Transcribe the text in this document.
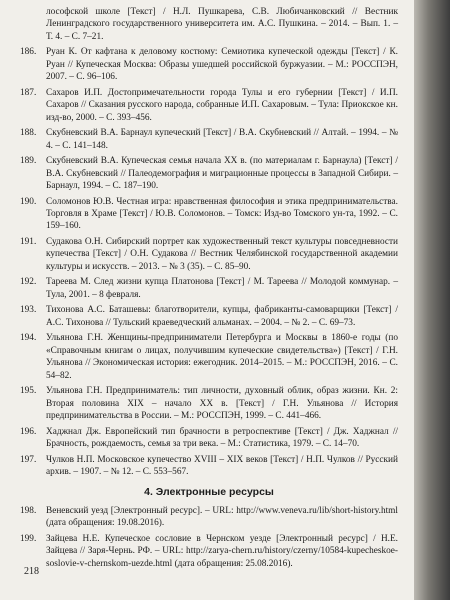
лософской школе [Текст] / Н.Л. Пушкарева, С.В. Любичанковский // Вестник Ленинградского государственного университета им. А.С. Пушкина. – 2014. – Вып. 1. – Т. 4. – С. 7–21.
186.	Руан К. От кафтана к деловому костюму: Семиотика купеческой одежды [Текст] / К. Руан // Купеческая Москва: Образы ушедшей российской буржуазии. – М.: РОССПЭН, 2007. – С. 96–106.
187.	Сахаров И.П. Достопримечательности города Тулы и его губернии [Текст] / И.П. Сахаров // Сказания русского народа, собранные И.П. Сахаровым. – Тула: Приокское кн. изд-во, 2000. – С. 393–456.
188.	Скубневский В.А. Барнаул купеческий [Текст] / В.А. Скубневский // Алтай. – 1994. – № 4. – С. 141–148.
189.	Скубневский В.А. Купеческая семья начала XX в. (по материалам г. Барнаула) [Текст] / В.А. Скубневский // Палеодемография и миграционные процессы в Западной Сибири. – Барнаул, 1994. – С. 187–190.
190.	Соломонов Ю.В. Честная игра: нравственная философия и этика предпринимательства. Торговля в Храме [Текст] / Ю.В. Соломонов. – Томск: Изд-во Томского ун-та, 1992. – С. 159–160.
191.	Судакова О.Н. Сибирский портрет как художественный текст культуры повседневности купечества [Текст] / О.Н. Судакова // Вестник Челябинской государственной академии культуры и искусств. – 2013. – № 3 (35). – С. 85–90.
192.	Тареева М. След жизни купца Платонова [Текст] / М. Тареева // Молодой коммунар. – Тула, 2001. – 8 февраля.
193.	Тихонова А.С. Баташевы: благотворители, купцы, фабриканты-самоварщики [Текст] / А.С. Тихонова // Тульский краеведческий альманах. – 2004. – № 2. – С. 69–73.
194.	Ульянова Г.Н. Женщины-предприниматели Петербурга и Москвы в 1860-е годы (по «Справочным книгам о лицах, получившим купеческие свидетельства») [Текст] / Г.Н. Ульянова // Экономическая история: ежегодник. 2014–2015. – М.: РОССПЭН, 2016. – С. 54–82.
195.	Ульянова Г.Н. Предприниматель: тип личности, духовный облик, образ жизни. Кн. 2: Вторая половина XIX – начало XX в. [Текст] / Г.Н. Ульянова // История предпринимательства в России. – М.: РОССПЭН, 1999. – С. 441–466.
196.	Хаджнал Дж. Европейский тип брачности в ретроспективе [Текст] / Дж. Хаджнал // Брачность, рождаемость, семья за три века. – М.: Статистика, 1979. – С. 14–70.
197.	Чулков Н.П. Московское купечество XVIII – XIX веков [Текст] / Н.П. Чулков // Русский архив. – 1907. – № 12. – С. 553–567.
4. Электронные ресурсы
198.	Веневский уезд [Электронный ресурс]. – URL: http://www.veneva.ru/lib/short-history.html (дата обращения: 19.08.2016).
199.	Зайцева Н.Е. Купеческое сословие в Чернском уезде [Электронный ресурс] / Н.Е. Зайцева // Заря-Чернь. РФ. – URL: http://zarya-chern.ru/history/czerny/10584-kupecheskoe-soslovie-v-chernskom-uezde.html (дата обращения: 25.08.2016).
218
